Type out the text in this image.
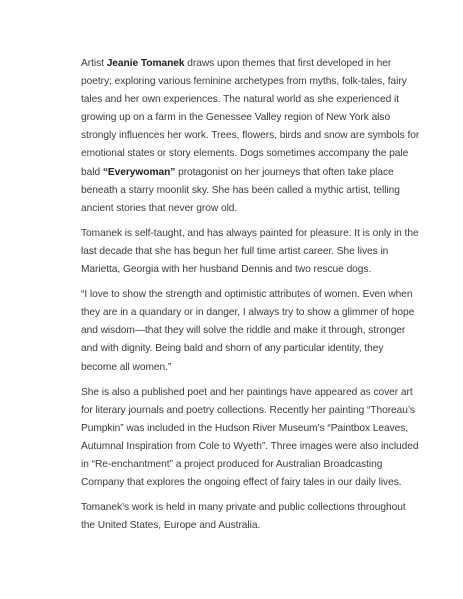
Artist Jeanie Tomanek draws upon themes that first developed in her poetry; exploring various feminine archetypes from myths, folk-tales, fairy tales and her own experiences. The natural world as she experienced it growing up on a farm in the Genessee Valley region of New York also strongly influences her work. Trees, flowers, birds and snow are symbols for emotional states or story elements. Dogs sometimes accompany the pale bald “Everywoman” protagonist on her journeys that often take place beneath a starry moonlit sky. She has been called a mythic artist, telling ancient stories that never grow old.

Tomanek is self-taught, and has always painted for pleasure. It is only in the last decade that she has begun her full time artist career. She lives in Marietta, Georgia with her husband Dennis and two rescue dogs.

“I love to show the strength and optimistic attributes of women. Even when they are in a quandary or in danger, I always try to show a glimmer of hope and wisdom—that they will solve the riddle and make it through, stronger and with dignity. Being bald and shorn of any particular identity, they become all women.”

She is also a published poet and her paintings have appeared as cover art for literary journals and poetry collections. Recently her painting “Thoreau’s Pumpkin” was included in the Hudson River Museum’s “Paintbox Leaves, Autumnal Inspiration from Cole to Wyeth”. Three images were also included in “Re-enchantment” a project produced for Australian Broadcasting Company that explores the ongoing effect of fairy tales in our daily lives.

Tomanek’s work is held in many private and public collections throughout the United States, Europe and Australia.
